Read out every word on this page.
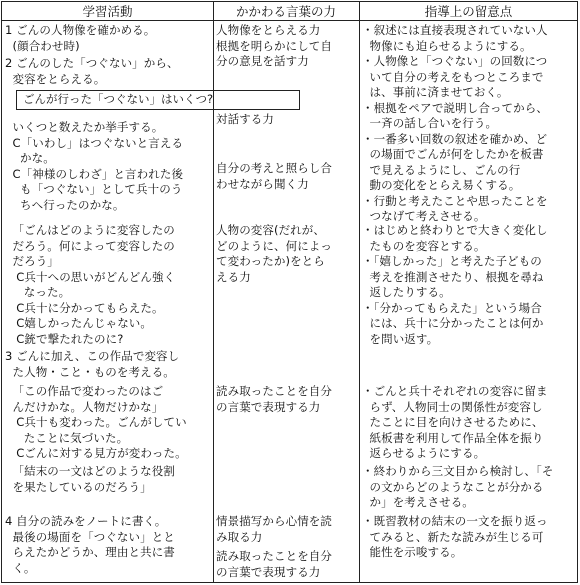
学習活動	かかわる言葉の力	指導上の留意点
1 ごんの人物像を確かめる。
(顔合わせ時)
2 ごんのした「つぐない」から、
変容をとらえる。
ごんが行った「つぐない」はいくつ?
いくつと数えたか挙手する。
C「いわし」はつぐないと言える
かな。
C「神様のしわざ」と言われた後
も「つぐない」として兵十のう
ちへ行ったのかな。
「ごんはどのように変容したの
だろう。何によって変容したの
だろう」
C兵十への思いがどんどん強く
なった。
C兵十に分かってもらえた。
C嬉しかったんじゃない。
C銃で撃たれたのに?
3 ごんに加え、この作品で変容し
た人物・こと・ものを考える。
「この作品で変わったのはご
んだけかな。人物だけかな」
C兵十も変わった。ごんがしてい
たことに気づいた。
Cごんに対する見方が変わった。
「結末の一文はどのような役割
を果たしているのだろう」
4 自分の読みをノートに書く。
最後の場面を「つぐない」とと
らえたかどうか、理由と共に書
く。
人物像をとらえる力
根拠を明らかにして自
分の意見を話す力
対話する力
自分の考えと照らし合
わせながら聞く力
人物の変容(だれが、
どのように、何によっ
て変わったか)をとら
える力
読み取ったことを自分
の言葉で表現する力
情景描写から心情を読
み取る力
読み取ったことを自分
の言葉で表現する力
・叙述には直接表現されていない人
物像にも迫らせるようにする。
・人物像と「つぐない」の回数につ
いて自分の考えをもつところまで
は、事前に済ませておく。
・根拠をペアで説明し合ってから、
一斉の話し合いを行う。
・一番多い回数の叙述を確かめ、ど
の場面でごんが何をしたかを板書
で見えるようにし、ごんの行
動の変化をとらえ易くする。
・行動と考えたことや思ったことを
つなげて考えさせる。
・はじめと終わりとで大きく変化し
たものを変容とする。
・「嬉しかった」と考えた子どもの
考えを推測させたり、根拠を尋ね
返したりする。
・「分かってもらえた」という場合
には、兵十に分かったことは何か
を問い返す。
・ごんと兵十それぞれの変容に留ま
らず、人物同士の関係性が変容し
たことに目を向けさせるために、
紙板書を利用して作品全体を振り
返らせるようにする。
・終わりから三文目から検討し、「そ
の文からどのようなことが分かる
か」を考えさせる。
・既習教材の結末の一文を振り返っ
てみると、新たな読みが生じる可
能性を示唆する。
